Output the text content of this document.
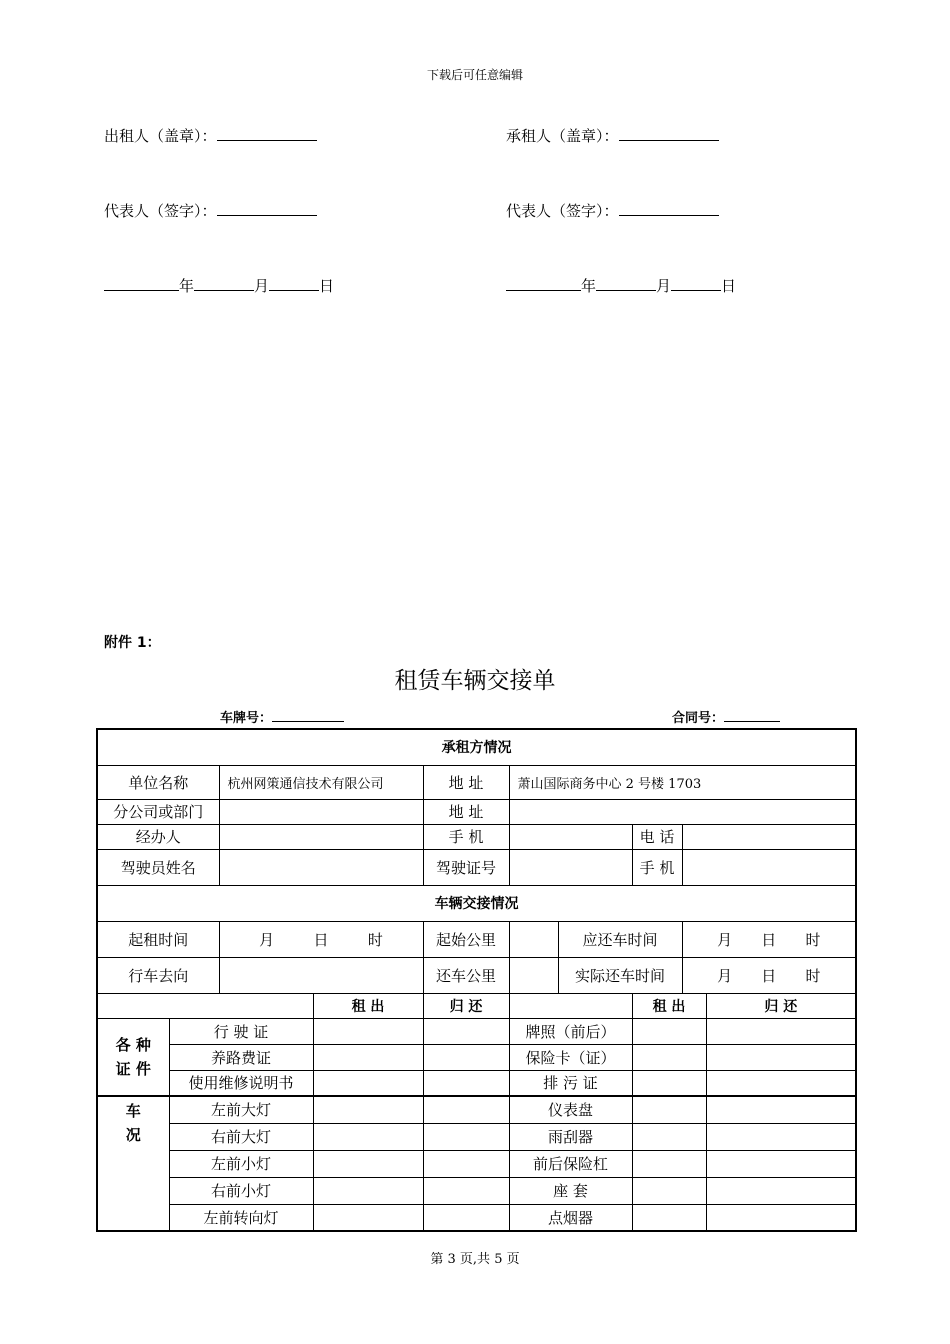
下载后可任意编辑
出租人（盖章）：	承租人（盖章）：
代表人（签字）：	代表人（签字）：
年	月	日	年	月	日
附件 1：
租赁车辆交接单
车牌号：	合同号：
承租方情况									
单位名称		杭州网策通信技术有限公司		地 址	萧山国际商务中心 2 号楼 1703				
分公司或部门				地 址					
经办人				手 机			电 话		
驾驶员姓名				驾驶证号			手 机		
车辆交接情况									
起租时间		月 日 时		起始公里		应还车时间		月 日 时	

行车去向				还车公里		实际还车时间		月 日 时	

			租 出	归 还			租 出		归 还

各 种
证 件	行 驶 证				牌照（前后）				
	养路费证				保险卡（证）				
	使用维修说明书				排 污 证				

车
况	左前大灯				仪表盘				
	右前大灯				雨刮器				
	左前小灯				前后保险杠				
	右前小灯				座 套				
	左前转向灯				点烟器				
第 3 页,共 5 页
